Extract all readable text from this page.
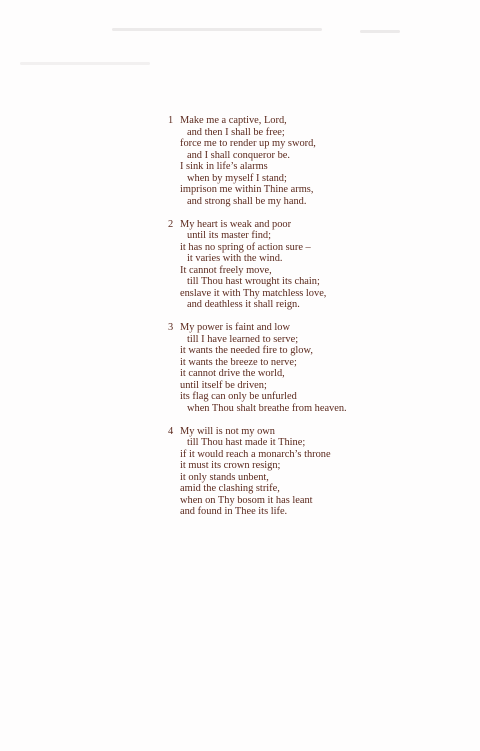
1 Make me a captive, Lord,
and then I shall be free;
force me to render up my sword,
and I shall conqueror be.
I sink in life’s alarms
when by myself I stand;
imprison me within Thine arms,
and strong shall be my hand.
2 My heart is weak and poor
until its master find;
it has no spring of action sure –
it varies with the wind.
It cannot freely move,
till Thou hast wrought its chain;
enslave it with Thy matchless love,
and deathless it shall reign.
3 My power is faint and low
till I have learned to serve;
it wants the needed fire to glow,
it wants the breeze to nerve;
it cannot drive the world,
until itself be driven;
its flag can only be unfurled
when Thou shalt breathe from heaven.
4 My will is not my own
till Thou hast made it Thine;
if it would reach a monarch’s throne
it must its crown resign;
it only stands unbent,
amid the clashing strife,
when on Thy bosom it has leant
and found in Thee its life.
